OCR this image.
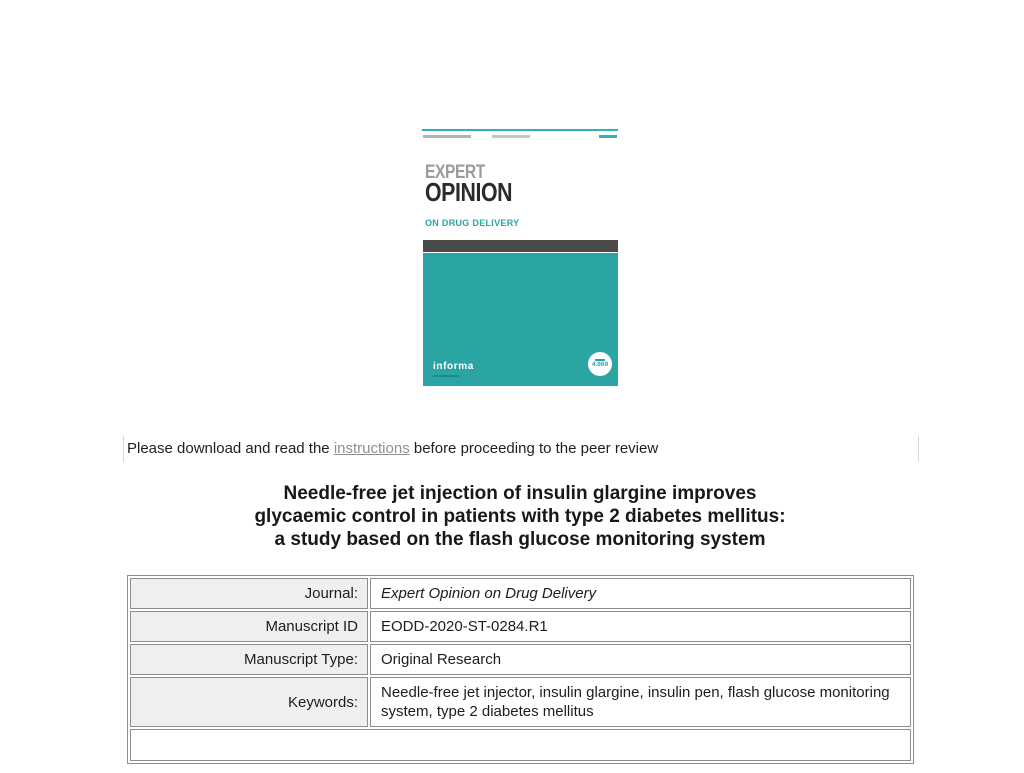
EXPERT
OPINION
ON DRUG DELIVERY
informa	4.869
Please download and read the instructions before proceeding to the peer review
Needle-free jet injection of insulin glargine improves
glycaemic control in patients with type 2 diabetes mellitus:
a study based on the flash glucose monitoring system
Journal:	Expert Opinion on Drug Delivery
Manuscript ID	EODD-2020-ST-0284.R1
Manuscript Type:	Original Research
Keywords:	Needle-free jet injector, insulin glargine, insulin pen, flash glucose monitoring system, type 2 diabetes mellitus
